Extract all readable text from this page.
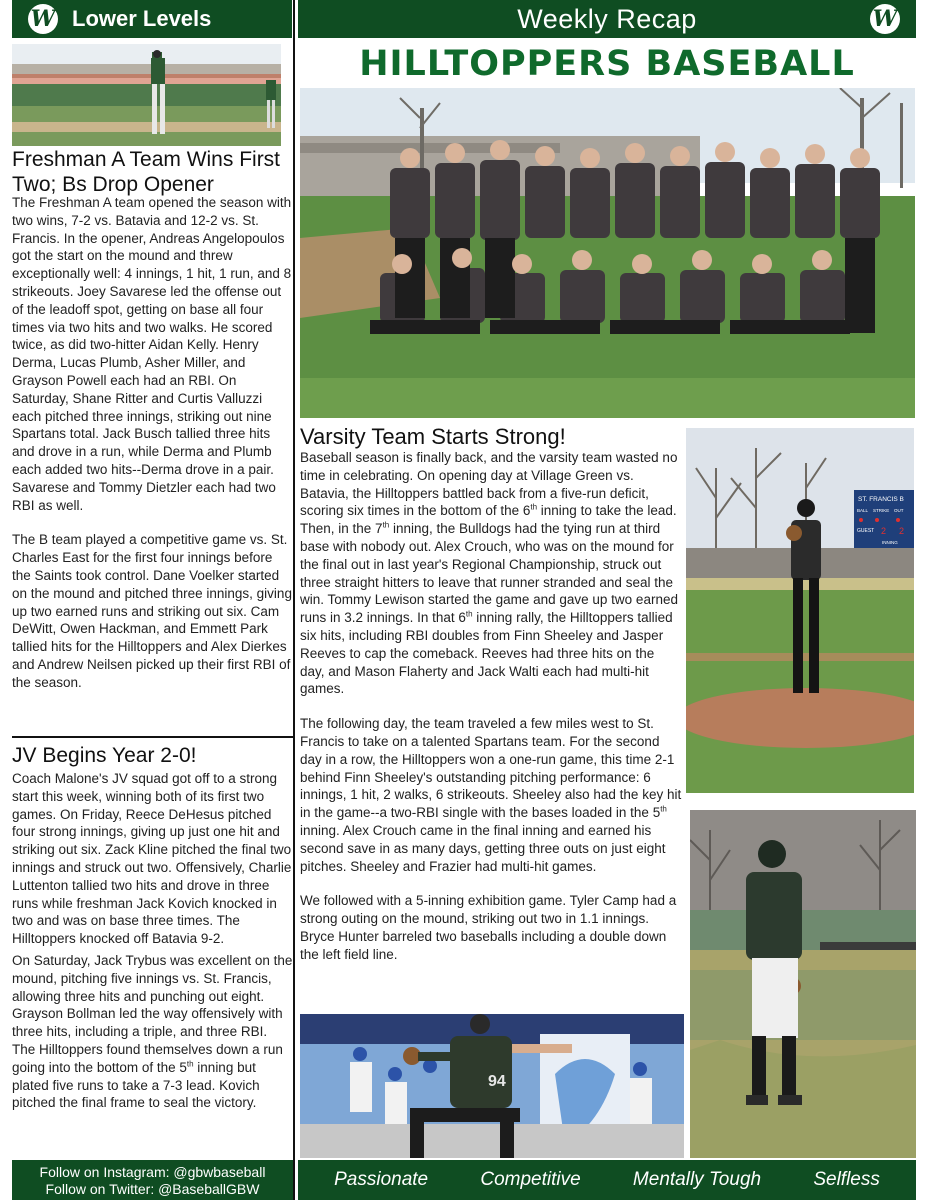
W Lower Levels	Weekly Recap	W
HILLTOPPERS BASEBALL
Freshman A Team Wins First
Two; Bs Drop Opener

The Freshman A team opened the season with two wins, 7-2 vs. Batavia and 12-2 vs. St. Francis. In the opener, Andreas Angelopoulos got the start on the mound and threw exceptionally well: 4 innings, 1 hit, 1 run, and 8 strikeouts. Joey Savarese led the offense out of the leadoff spot, getting on base all four times via two hits and two walks. He scored twice, as did two-hitter Aidan Kelly. Henry Derma, Lucas Plumb, Asher Miller, and Grayson Powell each had an RBI. On Saturday, Shane Ritter and Curtis Valluzzi each pitched three innings, striking out nine Spartans total. Jack Busch tallied three hits and drove in a run, while Derma and Plumb each added two hits--Derma drove in a pair. Savarese and Tommy Dietzler each had two RBI as well.

The B team played a competitive game vs. St. Charles East for the first four innings before the Saints took control. Dane Voelker started on the mound and pitched three innings, giving up two earned runs and striking out six. Cam DeWitt, Owen Hackman, and Emmett Park tallied hits for the Hilltoppers and Alex Dierkes and Andrew Neilsen picked up their first RBI of the season.

JV Begins Year 2-0!

Coach Malone's JV squad got off to a strong start this week, winning both of its first two games. On Friday, Reece DeHesus pitched four strong innings, giving up just one hit and striking out six. Zack Kline pitched the final two innings and struck out two. Offensively, Charlie Luttenton tallied two hits and drove in three runs while freshman Jack Kovich knocked in two and was on base three times. The Hilltoppers knocked off Batavia 9-2.

On Saturday, Jack Trybus was excellent on the mound, pitching five innings vs. St. Francis, allowing three hits and punching out eight. Grayson Bollman led the way offensively with three hits, including a triple, and three RBI. The Hilltoppers found themselves down a run going into the bottom of the 5th inning but plated five runs to take a 7-3 lead. Kovich pitched the final frame to seal the victory.

Varsity Team Starts Strong!

Baseball season is finally back, and the varsity team wasted no time in celebrating. On opening day at Village Green vs. Batavia, the Hilltoppers battled back from a five-run deficit, scoring six times in the bottom of the 6th inning to take the lead. Then, in the 7th inning, the Bulldogs had the tying run at third base with nobody out. Alex Crouch, who was on the mound for the final out in last year's Regional Championship, struck out three straight hitters to leave that runner stranded and seal the win. Tommy Lewison started the game and gave up two earned runs in 3.2 innings. In that 6th inning rally, the Hilltoppers tallied six hits, including RBI doubles from Finn Sheeley and Jasper Reeves to cap the comeback. Reeves had three hits on the day, and Mason Flaherty and Jack Walti each had multi-hit games.

The following day, the team traveled a few miles west to St. Francis to take on a talented Spartans team. For the second day in a row, the Hilltoppers won a one-run game, this time 2-1 behind Finn Sheeley's outstanding pitching performance: 6 innings, 1 hit, 2 walks, 6 strikeouts. Sheeley also had the key hit in the game--a two-RBI single with the bases loaded in the 5th inning. Alex Crouch came in the final inning and earned his second save in as many days, getting three outs on just eight pitches. Sheeley and Frazier had multi-hit games.

We followed with a 5-inning exhibition game. Tyler Camp had a strong outing on the mound, striking out two in 1.1 innings. Bryce Hunter barreled two baseballs including a double down the left field line.

ST. FRANCIS B
BALL STRIKE OUT
GUEST 2
INNING
2
94
Follow on Instagram: @gbwbaseball
Follow on Twitter: @BaseballGBW	Passionate	Competitive	Mentally Tough	Selfless
